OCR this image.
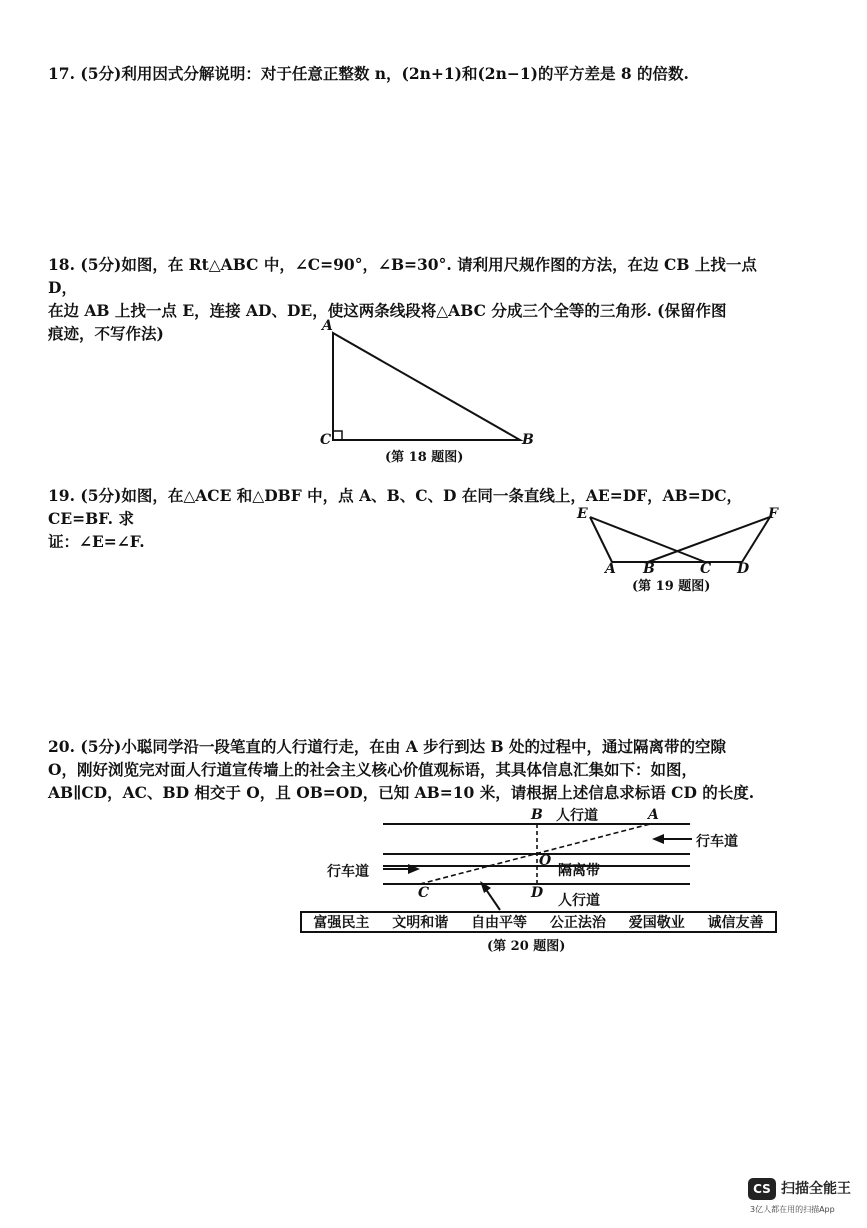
17. (5分)利用因式分解说明：对于任意正整数 n，(2n+1)和(2n−1)的平方差是 8 的倍数.
18. (5分)如图，在 Rt△ABC 中，∠C=90°，∠B=30°. 请利用尺规作图的方法，在边 CB 上找一点 D，
在边 AB 上找一点 E，连接 AD、DE，使这两条线段将△ABC 分成三个全等的三角形. (保留作图
痕迹，不写作法)	A
C	B
(第 18 题图)
19. (5分)如图，在△ACE 和△DBF 中，点 A、B、C、D 在同一条直线上，AE=DF，AB=DC，CE=BF. 求
证：∠E=∠F.
E	F
A B	C D
(第 19 题图)
20. (5分)小聪同学沿一段笔直的人行道行走，在由 A 步行到达 B 处的过程中，通过隔离带的空隙
O，刚好浏览完对面人行道宣传墙上的社会主义核心价值观标语，其具体信息汇集如下：如图，
AB∥CD，AC、BD 相交于 O，且 OB=OD，已知 AB=10 米，请根据上述信息求标语 CD 的长度.
B	A
O
C	D
人行道
行车道
隔离带
行车道
人行道
富强民主 文明和谐 自由平等 公正法治 爱国敬业 诚信友善
(第 20 题图)
CS 扫描全能王
3亿人都在用的扫描App
